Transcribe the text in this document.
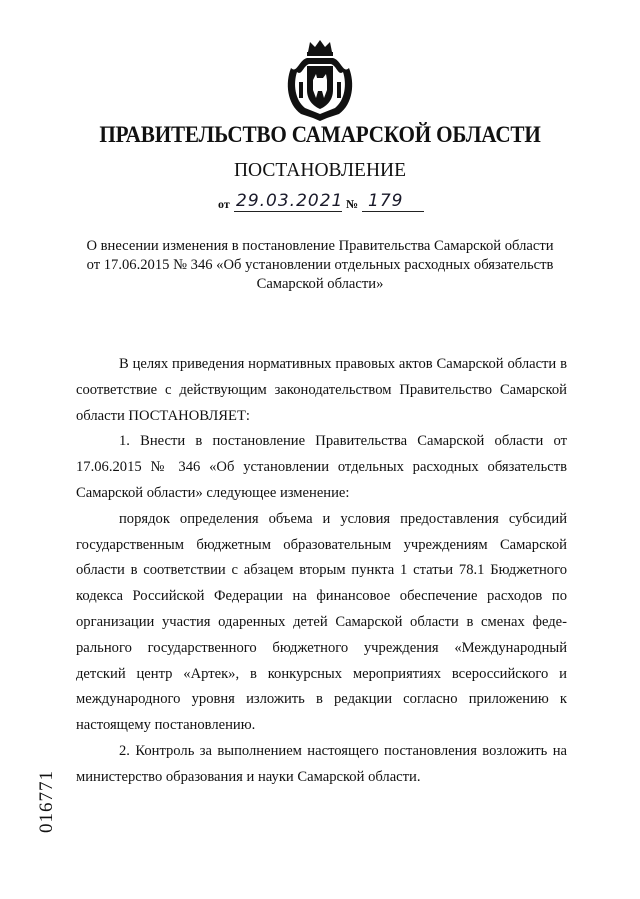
ПРАВИТЕЛЬСТВО САМАРСКОЙ ОБЛАСТИ
ПОСТАНОВЛЕНИЕ
от 29.03.2021 № 179
О внесении изменения в постановление Правительства Самарской области
от 17.06.2015 № 346 «Об установлении отдельных расходных обязательств
Самарской области»

В целях приведения нормативных правовых актов Самарской области в соответствие с действующим законодательством Правительство Самарской области ПОСТАНОВЛЯЕТ:

1. Внести в постановление Правительства Самарской области от 17.06.2015 № 346 «Об установлении отдельных расходных обязательств Самарской области» следующее изменение:

порядок определения объема и условия предоставления субсидий государственным бюджетным образовательным учреждениям Самарской области в соответствии с абзацем вторым пункта 1 статьи 78.1 Бюджетного кодекса Российской Федерации на финансовое обеспечение расходов по организации участия одаренных детей Самарской области в сменах феде-рального государственного бюджетного учреждения «Международный детский центр «Артек», в конкурсных мероприятиях всероссийского и международного уровня изложить в редакции согласно приложению к настоящему постановлению.

2. Контроль за выполнением настоящего постановления возложить на министерство образования и науки Самарской области.

016771
